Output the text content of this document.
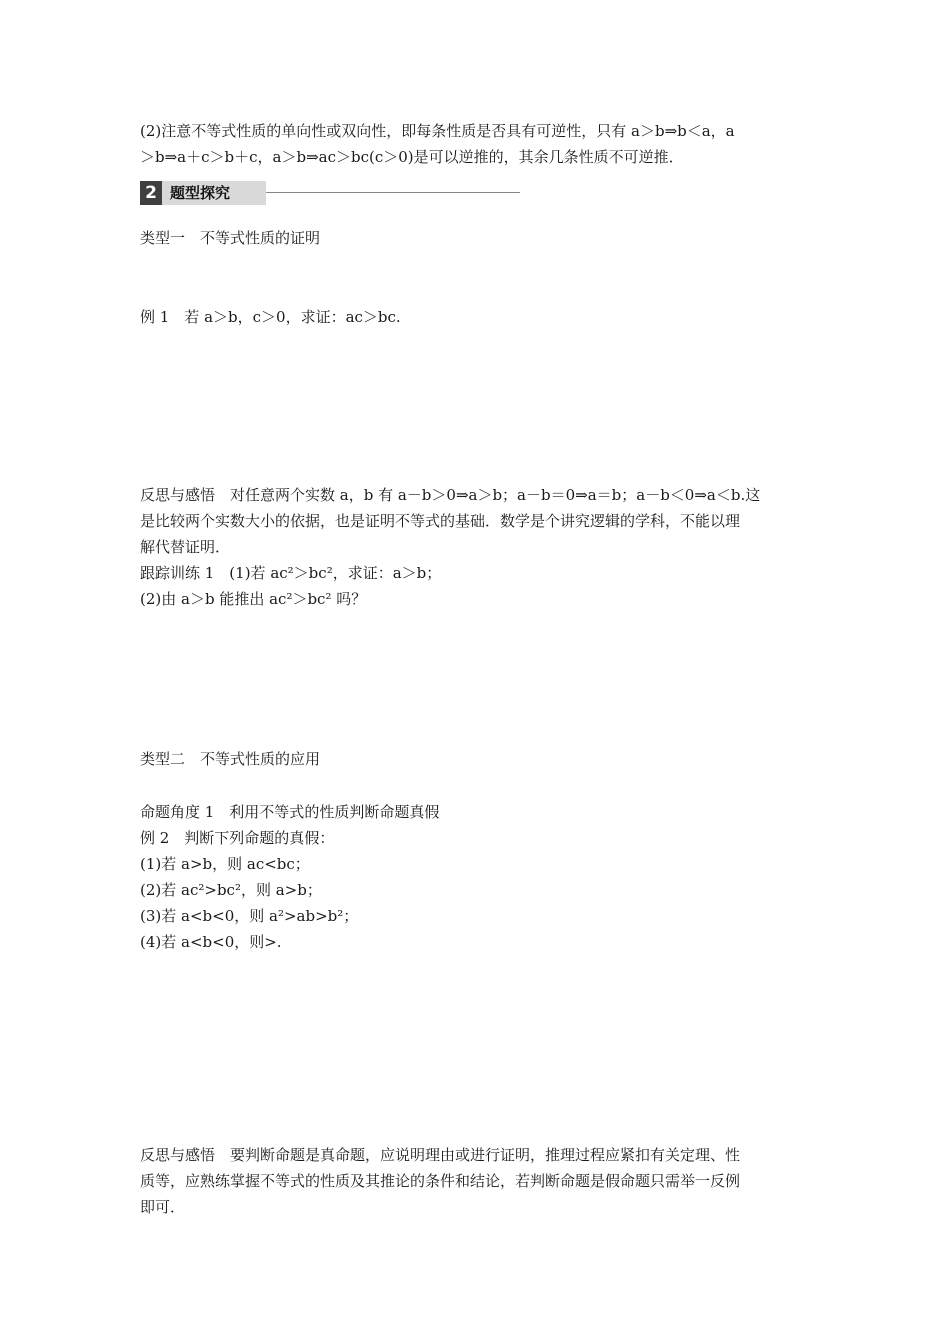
(2)注意不等式性质的单向性或双向性，即每条性质是否具有可逆性，只有 a＞b⇒b＜a，a
＞b⇒a＋c＞b＋c，a＞b⇒ac＞bc(c＞0)是可以逆推的，其余几条性质不可逆推．
2 题型探究
类型一　不等式性质的证明
例 1　若 a＞b，c＞0，求证：ac＞bc.
反思与感悟　对任意两个实数 a，b 有 a－b＞0⇒a＞b；a－b＝0⇒a＝b；a－b＜0⇒a＜b.这
是比较两个实数大小的依据，也是证明不等式的基础．数学是个讲究逻辑的学科，不能以理
解代替证明．
跟踪训练 1　(1)若 ac²＞bc²，求证：a＞b；
(2)由 a＞b 能推出 ac²＞bc² 吗？
类型二　不等式性质的应用
命题角度 1　利用不等式的性质判断命题真假
例 2　判断下列命题的真假：
(1)若 a>b，则 ac<bc；
(2)若 ac²>bc²，则 a>b；
(3)若 a<b<0，则 a²>ab>b²；
(4)若 a<b<0，则>.
反思与感悟　要判断命题是真命题，应说明理由或进行证明，推理过程应紧扣有关定理、性
质等，应熟练掌握不等式的性质及其推论的条件和结论，若判断命题是假命题只需举一反例
即可．
